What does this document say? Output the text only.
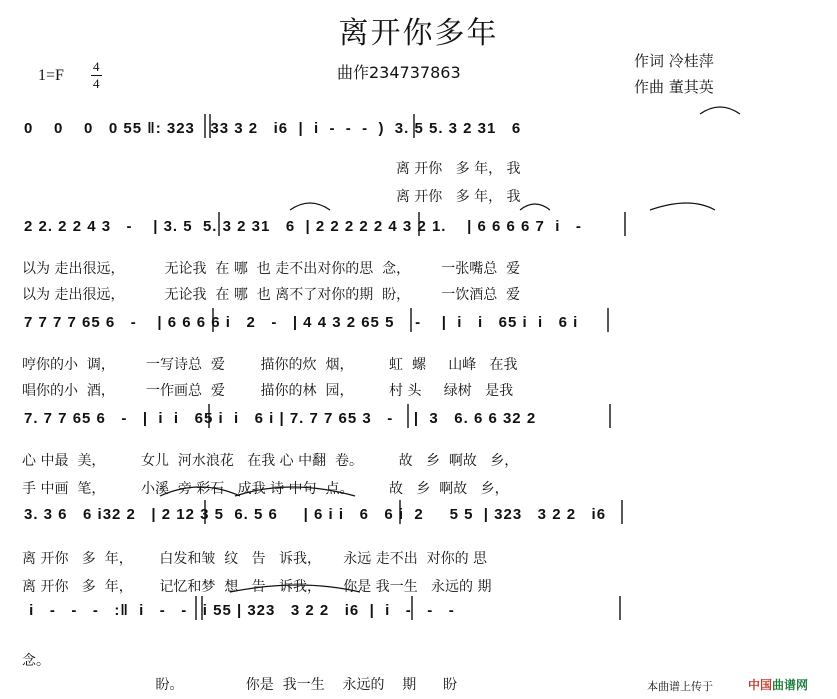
离开你多年
1=F
4
4
曲作234737863
作词 冷桂萍
作曲 董其英
0    0    0   0 55 ‖: 323   33 3 2   i6  |  i  -  -  -  )  3. 5 5. 3 2 31   6
2 2. 2 2 4 3   -    | 3. 5  5. 3 2 31   6  | 2 2 2 2 2 4 3 2 1.    | 6 6 6 6 7  i   -
7 7 7 7 65 6   -    | 6 6 6 6 i   2   -   | 4 4 3 2 65 5    -    |  i   i   65 i  i   6 i
7. 7 7 65 6   -   |  i  i   65 i  i   6 i | 7. 7 7 65 3   -    |  3   6. 6 6 32 2
3. 3 6   6 i32 2   | 2 12 3 5  6. 5 6     | 6 i i   6   6 i  2     5 5  | 323   3 2 2   i6
i   -   -   -   :‖  i   -   -   i 55 | 323   3 2 2   i6  |  i   -   -   -
离 开你   多 年， 我
离 开你   多 年， 我
以为 走出很远，         无论我  在 哪  也 走不出对你的思  念，       一张嘴总  爱
以为 走出很远，         无论我  在 哪  也 离不了对你的期  盼，       一饮酒总  爱
哼你的小  调，       一写诗总  爱        描你的炊  烟，        虹  螺     山峰   在我
唱你的小  酒，       一作画总  爱        描你的林  园，        村 头     绿树   是我
心 中最  美，        女儿  河水浪花   在我 心 中翻  卷。        故   乡  啊故   乡，
手 中画  笔，        小溪  旁 彩石   成我 诗 中句  点。        故   乡  啊故   乡，
离 开你   多  年，      白发和皱  纹   告   诉我，     永远 走不出  对你的 思
离 开你   多  年，      记忆和梦  想   告   诉我，     你是 我一生   永远的 期
念。
盼。              你是  我一生    永远的    期      盼	本曲谱上传于	中国曲谱网
